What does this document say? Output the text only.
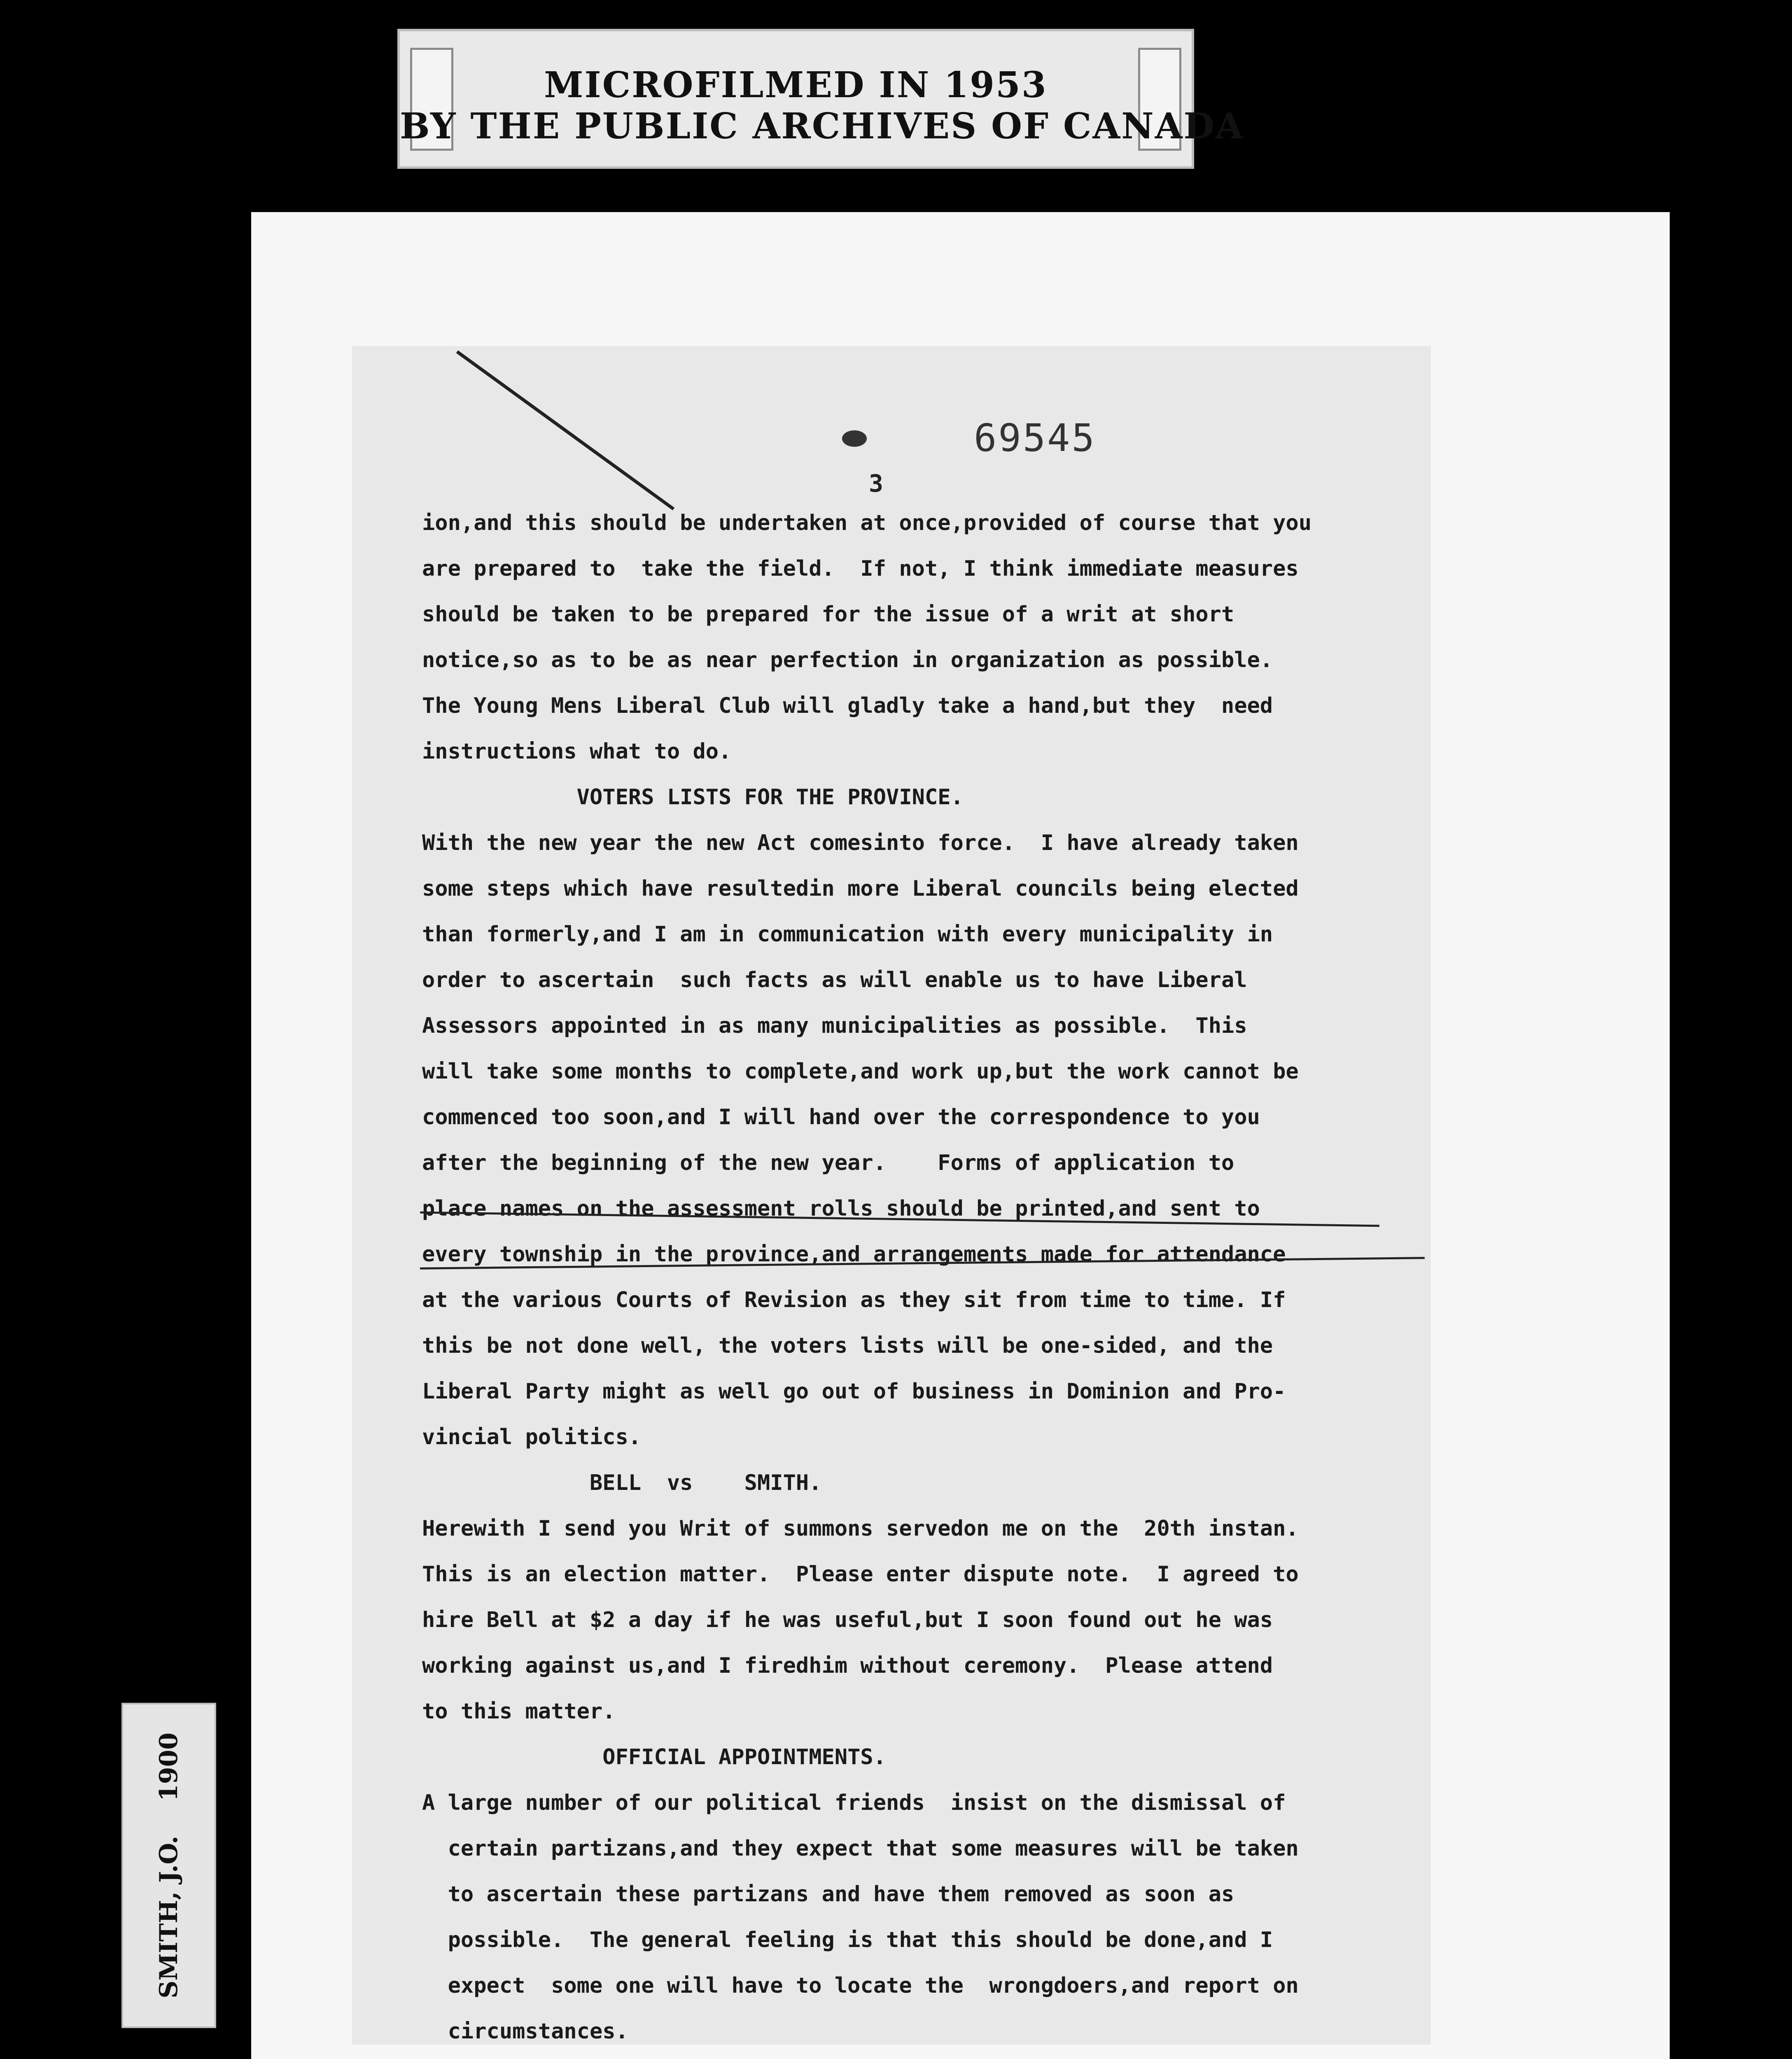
MICROFILMED IN 1953
BY THE PUBLIC ARCHIVES OF CANADA
69545
3
ion,and this should be undertaken at once,provided of course that you
are prepared to  take the field.  If not, I think immediate measures
should be taken to be prepared for the issue of a writ at short
notice,so as to be as near perfection in organization as possible.
The Young Mens Liberal Club will gladly take a hand,but they  need
instructions what to do.
VOTERS LISTS FOR THE PROVINCE.
With the new year the new Act comesinto force.  I have already taken
some steps which have resultedin more Liberal councils being elected
than formerly,and I am in communication with every municipality in
order to ascertain  such facts as will enable us to have Liberal
Assessors appointed in as many municipalities as possible.  This
will take some months to complete,and work up,but the work cannot be
commenced too soon,and I will hand over the correspondence to you
after the beginning of the new year.    Forms of application to
place names on the assessment rolls should be printed,and sent to
every township in the province,and arrangements made for attendance
at the various Courts of Revision as they sit from time to time. If
this be not done well, the voters lists will be one-sided, and the
Liberal Party might as well go out of business in Dominion and Pro-
vincial politics.
BELL  vs    SMITH.
Herewith I send you Writ of summons servedon me on the  20th instan.
This is an election matter.  Please enter dispute note.  I agreed to
hire Bell at $2 a day if he was useful,but I soon found out he was
working against us,and I firedhim without ceremony.  Please attend
to this matter.
OFFICIAL APPOINTMENTS.
A large number of our political friends  insist on the dismissal of
certain partizans,and they expect that some measures will be taken
to ascertain these partizans and have them removed as soon as
possible.  The general feeling is that this should be done,and I
expect  some one will have to locate the  wrongdoers,and report on
circumstances.
SMITH, J.O.    1900
